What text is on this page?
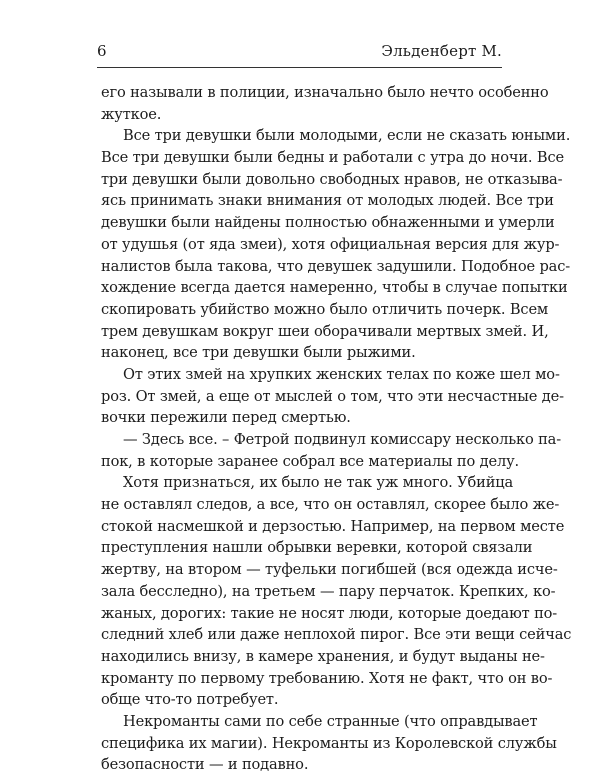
6	Эльденберт М.
его называли в полиции, изначально было нечто особенно
жуткое.
Все три девушки были молодыми, если не сказать юными.
Все три девушки были бедны и работали с утра до ночи. Все
три девушки были довольно свободных нравов, не отказыва-
ясь принимать знаки внимания от молодых людей. Все три
девушки были найдены полностью обнаженными и умерли
от удушья (от яда змеи), хотя официальная версия для жур-
налистов была такова, что девушек задушили. Подобное рас-
хождение всегда дается намеренно, чтобы в случае попытки
скопировать убийство можно было отличить почерк. Всем
трем девушкам вокруг шеи оборачивали мертвых змей. И,
наконец, все три девушки были рыжими.
От этих змей на хрупких женских телах по коже шел мо-
роз. От змей, а еще от мыслей о том, что эти несчастные де-
вочки пережили перед смертью.
— Здесь все. – Фетрой подвинул комиссару несколько па-
пок, в которые заранее собрал все материалы по делу.
Хотя признаться, их было не так уж много. Убийца
не оставлял следов, а все, что он оставлял, скорее было же-
стокой насмешкой и дерзостью. Например, на первом месте
преступления нашли обрывки веревки, которой связали
жертву, на втором — туфельки погибшей (вся одежда исче-
зала бесследно), на третьем — пару перчаток. Крепких, ко-
жаных, дорогих: такие не носят люди, которые доедают по-
следний хлеб или даже неплохой пирог. Все эти вещи сейчас
находились внизу, в камере хранения, и будут выданы не-
кроманту по первому требованию. Хотя не факт, что он во-
обще что-то потребует.
Некроманты сами по себе странные (что оправдывает
специфика их магии). Некроманты из Королевской службы
безопасности — и подавно.
